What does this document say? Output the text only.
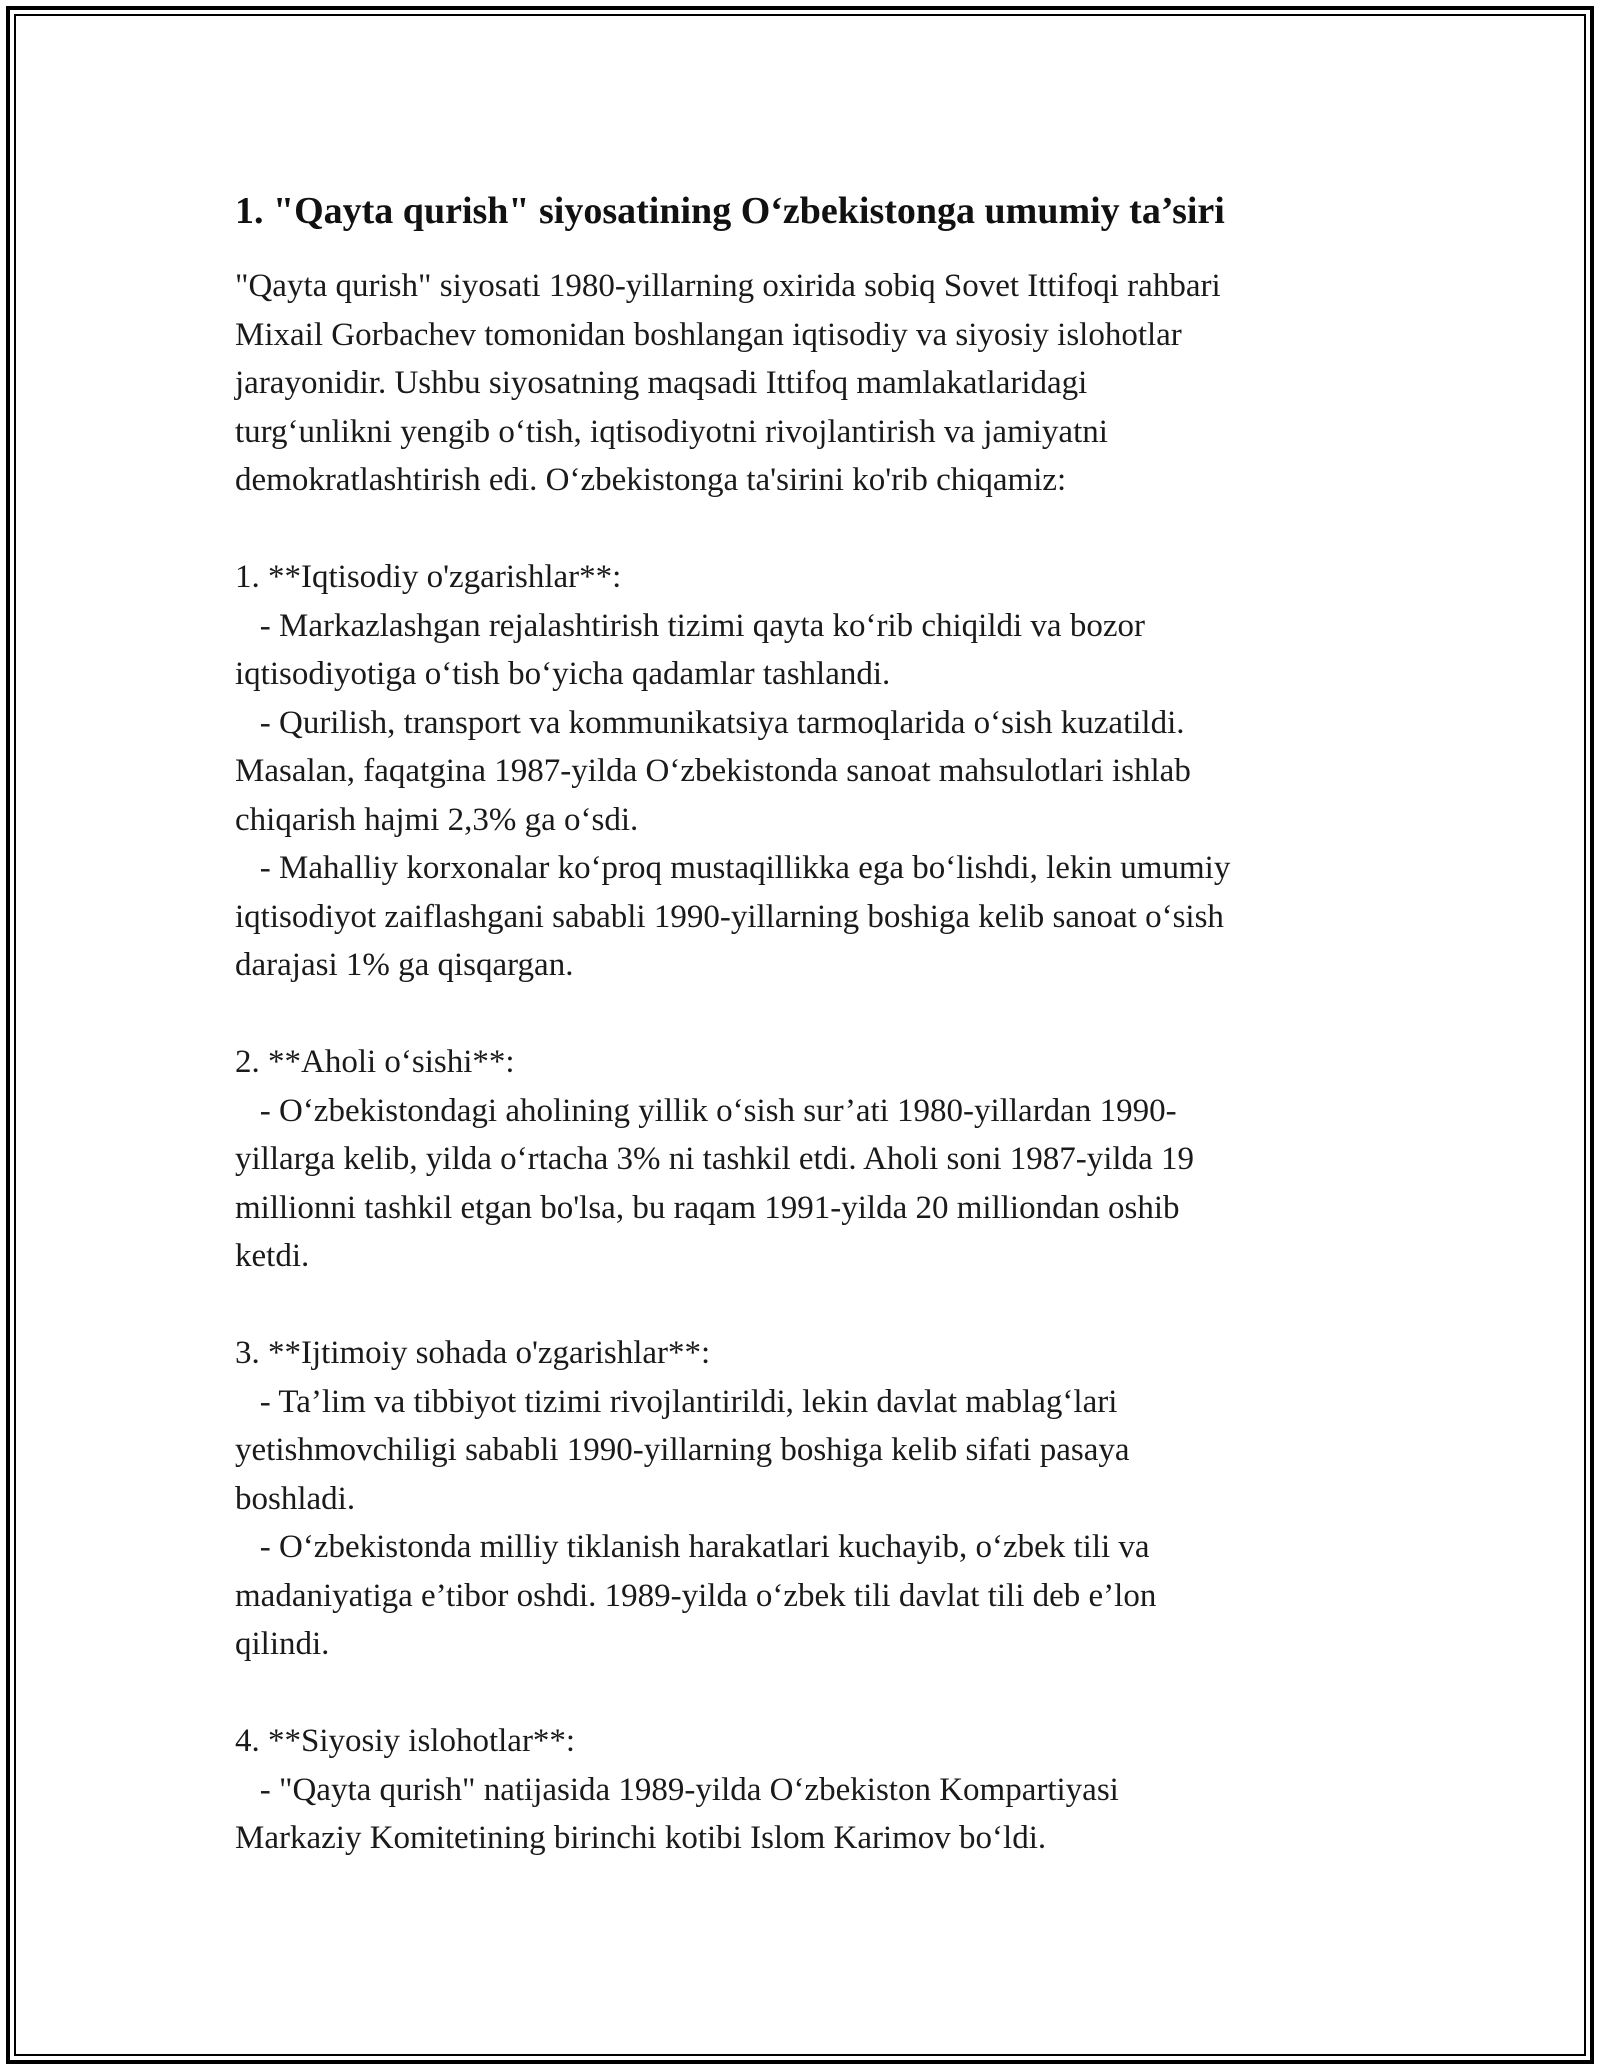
1. "Qayta qurish" siyosatining O‘zbekistonga umumiy ta’siri
"Qayta qurish" siyosati 1980-yillarning oxirida sobiq Sovet Ittifoqi rahbari
Mixail Gorbachev tomonidan boshlangan iqtisodiy va siyosiy islohotlar
jarayonidir. Ushbu siyosatning maqsadi Ittifoq mamlakatlaridagi
turg‘unlikni yengib o‘tish, iqtisodiyotni rivojlantirish va jamiyatni
demokratlashtirish edi. O‘zbekistonga ta'sirini ko'rib chiqamiz:
1. **Iqtisodiy o'zgarishlar**:
- Markazlashgan rejalashtirish tizimi qayta ko‘rib chiqildi va bozor
iqtisodiyotiga o‘tish bo‘yicha qadamlar tashlandi.
- Qurilish, transport va kommunikatsiya tarmoqlarida o‘sish kuzatildi.
Masalan, faqatgina 1987-yilda O‘zbekistonda sanoat mahsulotlari ishlab
chiqarish hajmi 2,3% ga o‘sdi.
- Mahalliy korxonalar ko‘proq mustaqillikka ega bo‘lishdi, lekin umumiy
iqtisodiyot zaiflashgani sababli 1990-yillarning boshiga kelib sanoat o‘sish
darajasi 1% ga qisqargan.
2. **Aholi o‘sishi**:
- O‘zbekistondagi aholining yillik o‘sish sur’ati 1980-yillardan 1990-
yillarga kelib, yilda o‘rtacha 3% ni tashkil etdi. Aholi soni 1987-yilda 19
millionni tashkil etgan bo'lsa, bu raqam 1991-yilda 20 milliondan oshib
ketdi.
3. **Ijtimoiy sohada o'zgarishlar**:
- Ta’lim va tibbiyot tizimi rivojlantirildi, lekin davlat mablag‘lari
yetishmovchiligi sababli 1990-yillarning boshiga kelib sifati pasaya
boshladi.
- O‘zbekistonda milliy tiklanish harakatlari kuchayib, o‘zbek tili va
madaniyatiga e’tibor oshdi. 1989-yilda o‘zbek tili davlat tili deb e’lon
qilindi.
4. **Siyosiy islohotlar**:
- "Qayta qurish" natijasida 1989-yilda O‘zbekiston Kompartiyasi
Markaziy Komitetining birinchi kotibi Islom Karimov bo‘ldi.
